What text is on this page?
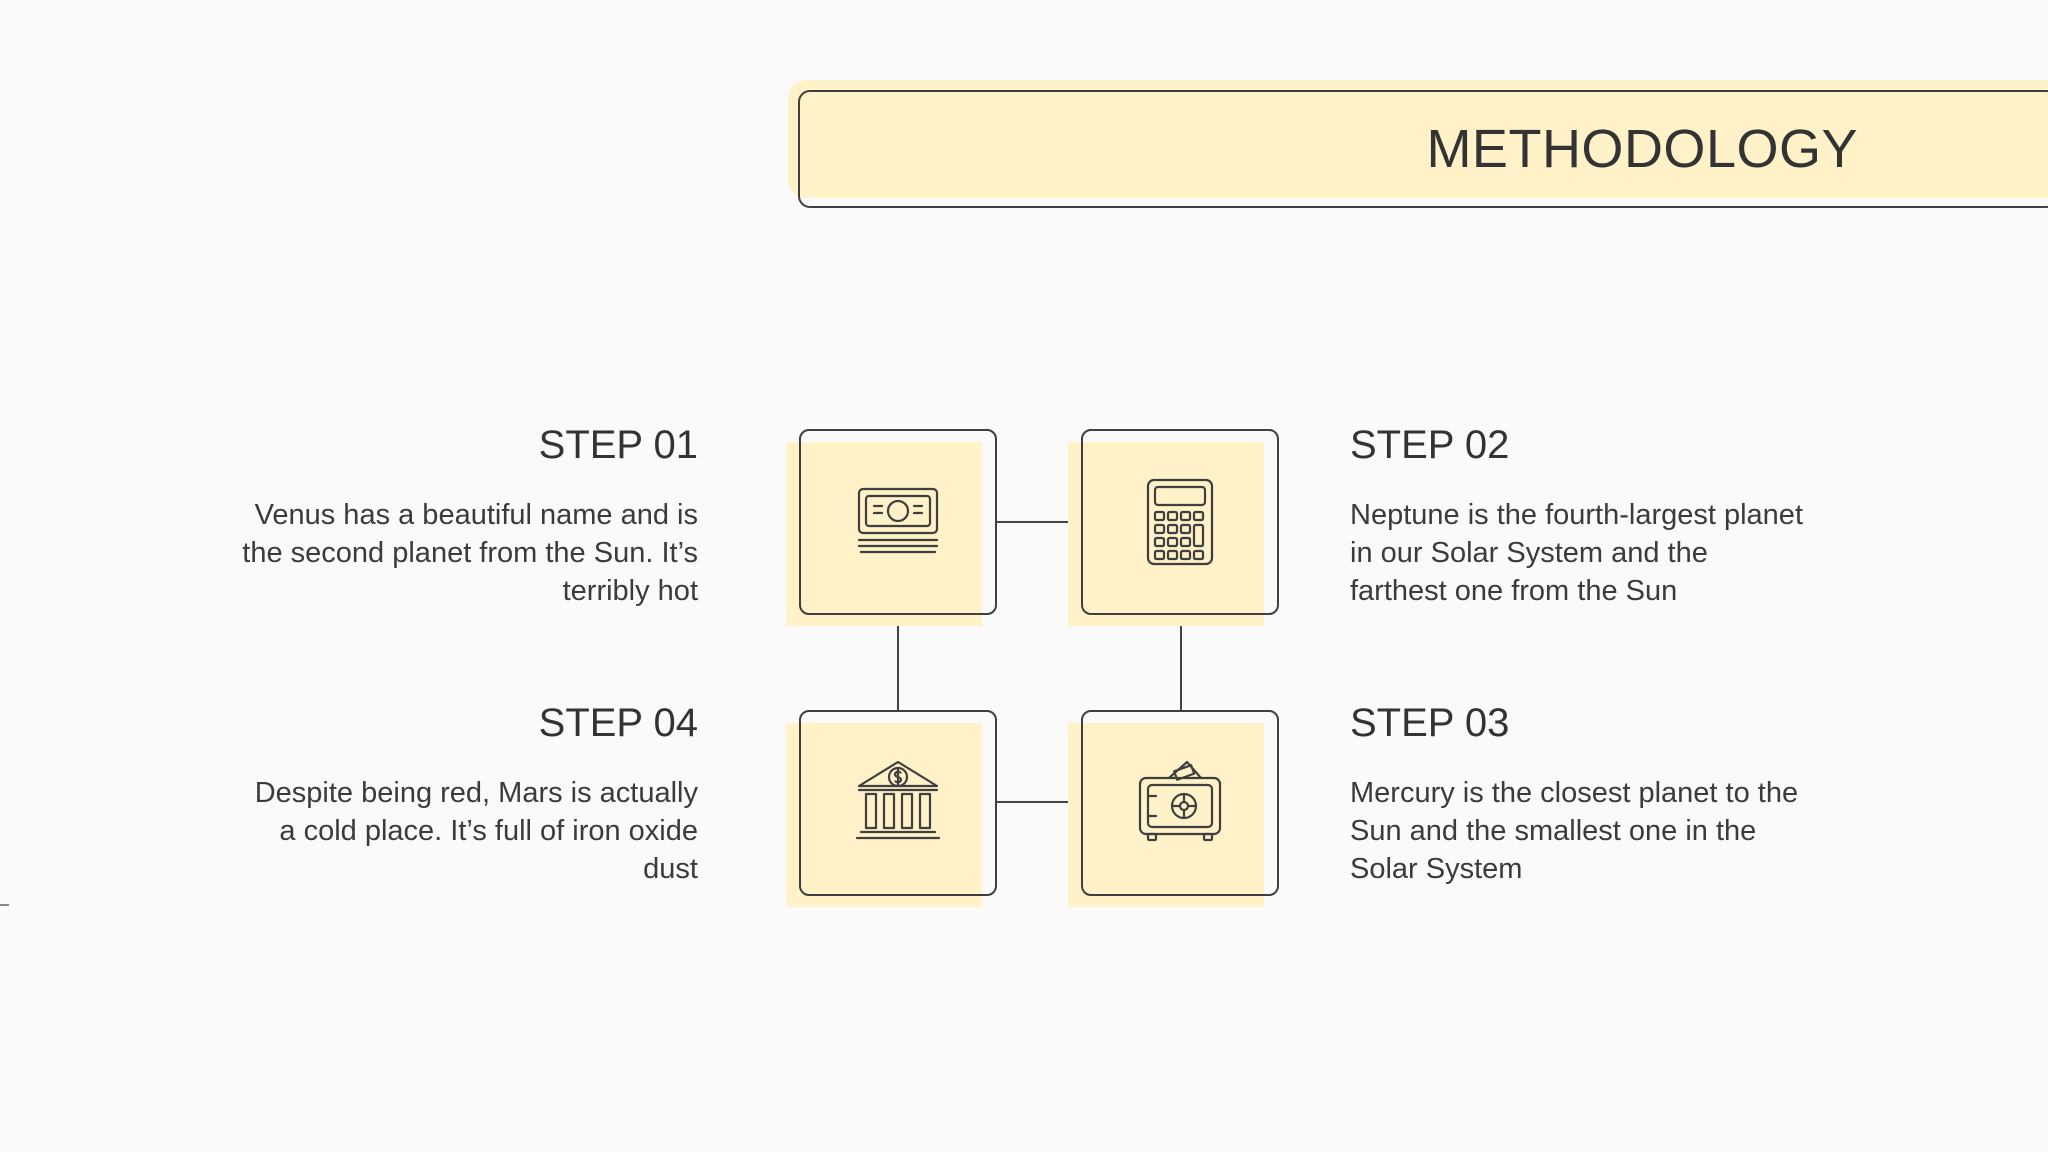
METHODOLOGY
STEP 01
Venus has a beautiful name and is the second planet from the Sun. It’s terribly hot
STEP 02
Neptune is the fourth-largest planet in our Solar System and the farthest one from the Sun
STEP 04
Despite being red, Mars is actually a cold place. It’s full of iron oxide dust
STEP 03
Mercury is the closest planet to the Sun and the smallest one in the Solar System
